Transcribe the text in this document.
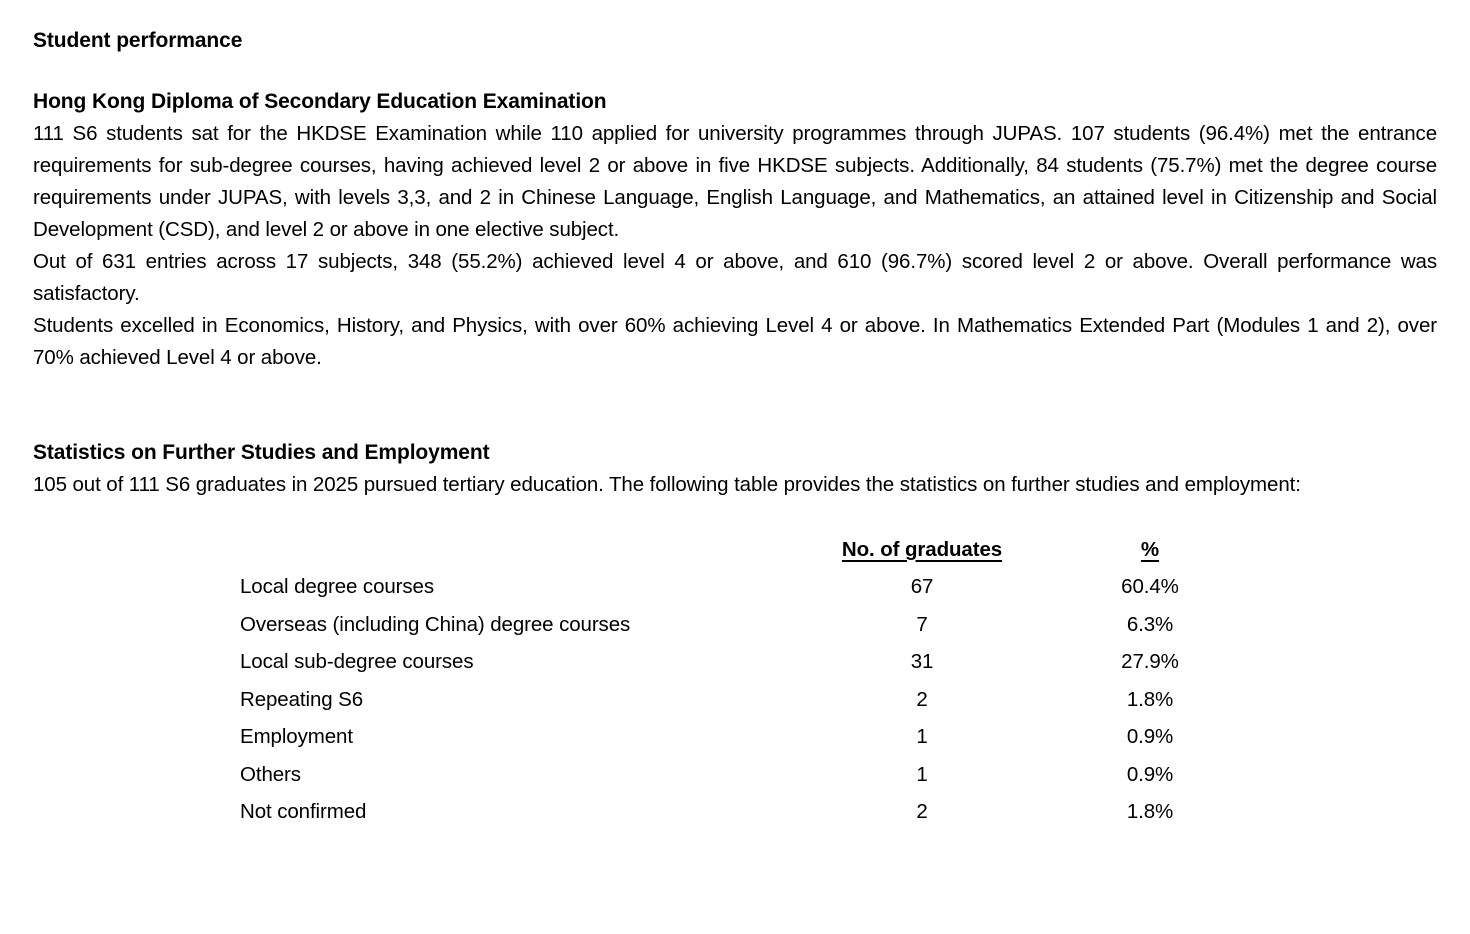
Student performance
Hong Kong Diploma of Secondary Education Examination

111 S6 students sat for the HKDSE Examination while 110 applied for university programmes through JUPAS. 107 students (96.4%) met the entrance requirements for sub-degree courses, having achieved level 2 or above in five HKDSE subjects. Additionally, 84 students (75.7%) met the degree course requirements under JUPAS, with levels 3,3, and 2 in Chinese Language, English Language, and Mathematics, an attained level in Citizenship and Social Development (CSD), and level 2 or above in one elective subject.

Out of 631 entries across 17 subjects, 348 (55.2%) achieved level 4 or above, and 610 (96.7%) scored level 2 or above. Overall performance was satisfactory.

Students excelled in Economics, History, and Physics, with over 60% achieving Level 4 or above. In Mathematics Extended Part (Modules 1 and 2), over 70% achieved Level 4 or above.

Statistics on Further Studies and Employment

105 out of 111 S6 graduates in 2025 pursued tertiary education. The following table provides the statistics on further studies and employment:

	No. of graduates	%
Local degree courses	67	60.4%
Overseas (including China) degree courses	7	6.3%
Local sub-degree courses	31	27.9%
Repeating S6	2	1.8%
Employment	1	0.9%
Others	1	0.9%
Not confirmed	2	1.8%
